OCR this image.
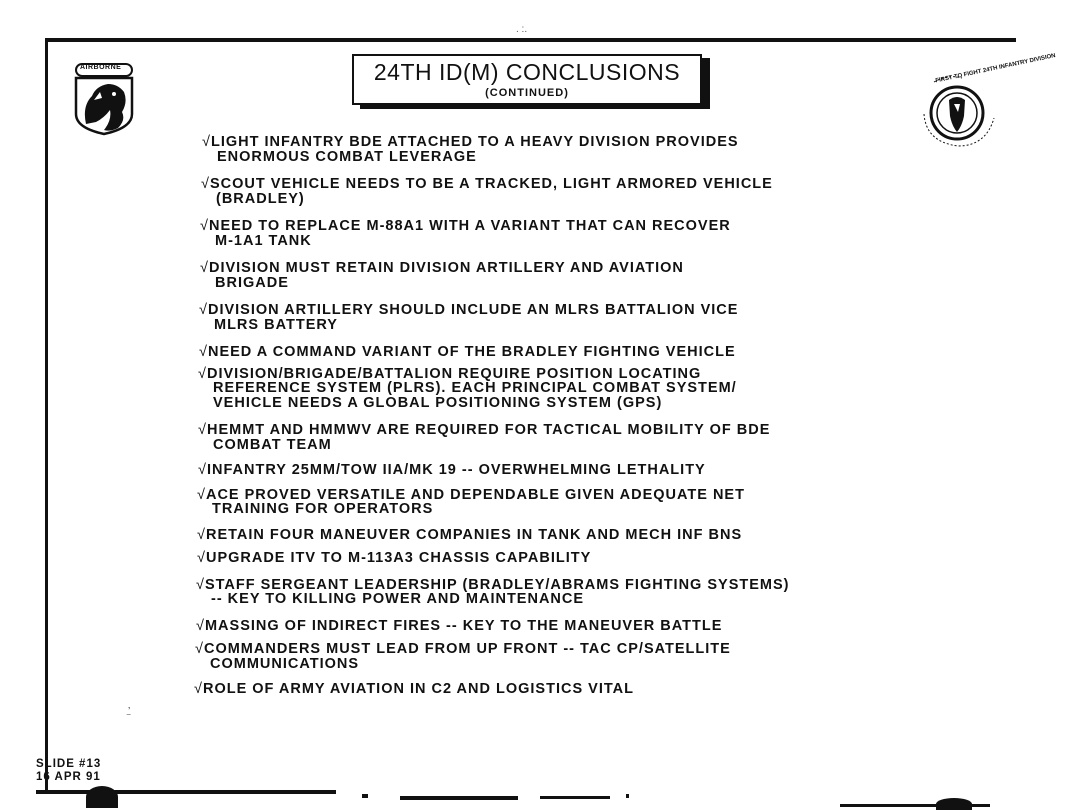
. :.
‚
⁻
AIRBORNE	24TH ID(M) CONCLUSIONS
(CONTINUED)
FIRST TO FIGHT 24TH INFANTRY DIVISION
√LIGHT INFANTRY BDE ATTACHED TO A HEAVY DIVISION PROVIDES
ENORMOUS COMBAT LEVERAGE
√SCOUT VEHICLE NEEDS TO BE A TRACKED, LIGHT ARMORED VEHICLE
(BRADLEY)
√NEED TO REPLACE M-88A1 WITH A VARIANT THAT CAN RECOVER
M-1A1 TANK
√DIVISION MUST RETAIN DIVISION ARTILLERY AND AVIATION
BRIGADE
√DIVISION ARTILLERY SHOULD INCLUDE AN MLRS BATTALION VICE
MLRS BATTERY
√NEED A COMMAND VARIANT OF THE BRADLEY FIGHTING VEHICLE
√DIVISION/BRIGADE/BATTALION REQUIRE POSITION LOCATING
REFERENCE SYSTEM (PLRS). EACH PRINCIPAL COMBAT SYSTEM/
VEHICLE NEEDS A GLOBAL POSITIONING SYSTEM (GPS)
√HEMMT AND HMMWV ARE REQUIRED FOR TACTICAL MOBILITY OF BDE
COMBAT TEAM
√INFANTRY 25MM/TOW IIA/MK 19 -- OVERWHELMING LETHALITY
√ACE PROVED VERSATILE AND DEPENDABLE GIVEN ADEQUATE NET
TRAINING FOR OPERATORS
√RETAIN FOUR MANEUVER COMPANIES IN TANK AND MECH INF BNS
√UPGRADE ITV TO M-113A3 CHASSIS CAPABILITY
√STAFF SERGEANT LEADERSHIP (BRADLEY/ABRAMS FIGHTING SYSTEMS)
-- KEY TO KILLING POWER AND MAINTENANCE
√MASSING OF INDIRECT FIRES -- KEY TO THE MANEUVER BATTLE
√COMMANDERS MUST LEAD FROM UP FRONT -- TAC CP/SATELLITE
COMMUNICATIONS
√ROLE OF ARMY AVIATION IN C2 AND LOGISTICS VITAL
SLIDE #13
16 APR 91
